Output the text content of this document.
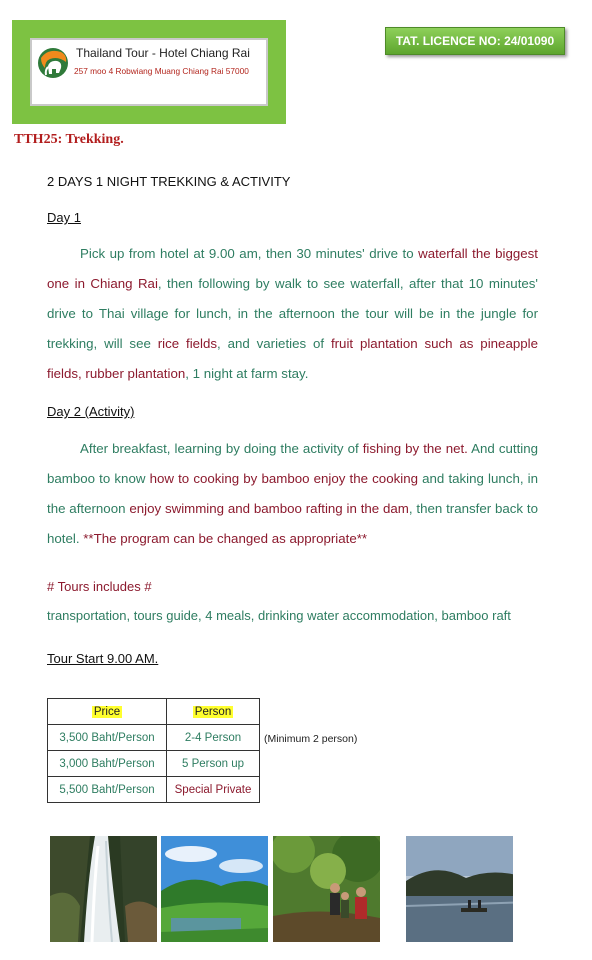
Thailand Tour - Hotel Chiang Rai
257 moo 4 Robwiang Muang Chiang Rai 57000
TAT. LICENCE NO: 24/01090
TTH25: Trekking.
2 DAYS 1 NIGHT TREKKING & ACTIVITY
Day 1
Pick up from hotel at 9.00 am, then 30 minutes' drive to waterfall the biggest one in Chiang Rai, then following by walk to see waterfall, after that 10 minutes' drive to Thai village for lunch, in the afternoon the tour will be in the jungle for trekking, will see rice fields, and varieties of fruit plantation such as pineapple fields, rubber plantation, 1 night at farm stay.
Day 2 (Activity)
After breakfast, learning by doing the activity of fishing by the net. And cutting bamboo to know how to cooking by bamboo enjoy the cooking and taking lunch, in the afternoon enjoy swimming and bamboo rafting in the dam, then transfer back to hotel. **The program can be changed as appropriate**
# Tours includes #
transportation, tours guide, 4 meals, drinking water accommodation, bamboo raft
Tour Start 9.00 AM.
Price	Person
3,500 Baht/Person	2-4 Person
3,000 Baht/Person	5 Person up
5,500 Baht/Person	Special Private
(Minimum 2 person)
